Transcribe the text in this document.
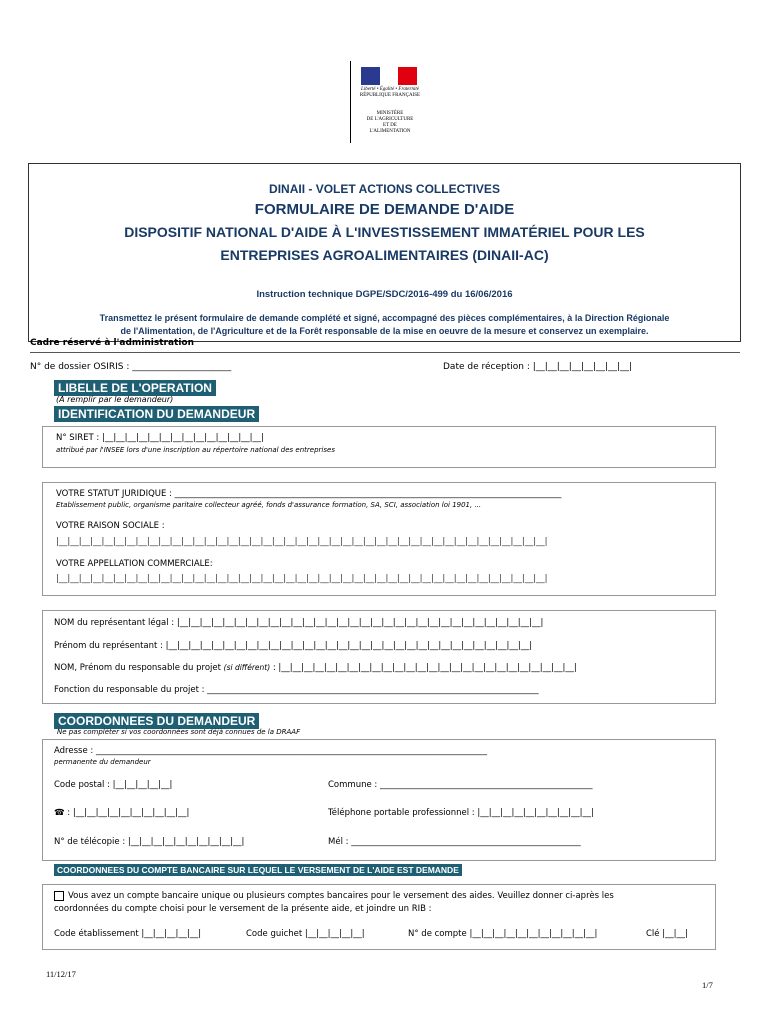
Liberté • Égalité • Fraternité
RÉPUBLIQUE FRANÇAISE
MINISTÈRE
DE L'AGRICULTURE
ET DE
L'ALIMENTATION
DINAII - VOLET ACTIONS COLLECTIVES
FORMULAIRE DE DEMANDE D'AIDE
DISPOSITIF NATIONAL D'AIDE À L'INVESTISSEMENT IMMATÉRIEL POUR LES
ENTREPRISES AGROALIMENTAIRES (DINAII-AC)
Instruction technique DGPE/SDC/2016-499 du 16/06/2016
Transmettez le présent formulaire de demande complété et signé, accompagné des pièces complémentaires, à la Direction Régionale
de l'Alimentation, de l'Agriculture et de la Forêt responsable de la mise en oeuvre de la mesure et conservez un exemplaire.
Cadre réservé à l'administration
N° de dossier OSIRIS : ______________________	Date de réception : |__|__|__|__|__|__|__|__|
LIBELLE DE L'OPERATION
(A remplir par le demandeur)
IDENTIFICATION DU DEMANDEUR
N° SIRET : |__|__|__|__|__|__|__|__|__|__|__|__|__|__|
attribué par l'INSEE lors d'une inscription au répertoire national des entreprises
VOTRE STATUT JURIDIQUE : ___________________________________________________________________________________________
Etablissement public, organisme paritaire collecteur agréé, fonds d'assurance formation, SA, SCI, association loi 1901, ...
VOTRE RAISON SOCIALE :
|__|__|__|__|__|__|__|__|__|__|__|__|__|__|__|__|__|__|__|__|__|__|__|__|__|__|__|__|__|__|__|__|__|__|__|__|__|__|__|__|__|__|__|
VOTRE APPELLATION COMMERCIALE:
|__|__|__|__|__|__|__|__|__|__|__|__|__|__|__|__|__|__|__|__|__|__|__|__|__|__|__|__|__|__|__|__|__|__|__|__|__|__|__|__|__|__|__|
NOM du représentant légal : |__|__|__|__|__|__|__|__|__|__|__|__|__|__|__|__|__|__|__|__|__|__|__|__|__|__|__|__|__|__|__|__|
Prénom du représentant : |__|__|__|__|__|__|__|__|__|__|__|__|__|__|__|__|__|__|__|__|__|__|__|__|__|__|__|__|__|__|__|__|
NOM, Prénom du responsable du projet (si différent) : |__|__|__|__|__|__|__|__|__|__|__|__|__|__|__|__|__|__|__|__|__|__|__|__|__|__|
Fonction du responsable du projet : ______________________________________________________________________________
COORDONNEES DU DEMANDEUR
Ne pas compléter si vos coordonnées sont déjà connues de la DRAAF
Adresse : ____________________________________________________________________________________________
permanente du demandeur
Code postal : |__|__|__|__|__|	Commune : __________________________________________________
☎ : |__|__|__|__|__|__|__|__|__|__|	Téléphone portable professionnel : |__|__|__|__|__|__|__|__|__|__|
N° de télécopie : |__|__|__|__|__|__|__|__|__|__|	Mél : ______________________________________________________
COORDONNEES DU COMPTE BANCAIRE SUR LEQUEL LE VERSEMENT DE L'AIDE EST DEMANDE
Vous avez un compte bancaire unique ou plusieurs comptes bancaires pour le versement des aides. Veuillez donner ci-après les
coordonnées du compte choisi pour le versement de la présente aide, et joindre un RIB :
Code établissement |__|__|__|__|__|	Code guichet |__|__|__|__|__|	N° de compte |__|__|__|__|__|__|__|__|__|__|__|	Clé |__|__|
11/12/17
1/7
